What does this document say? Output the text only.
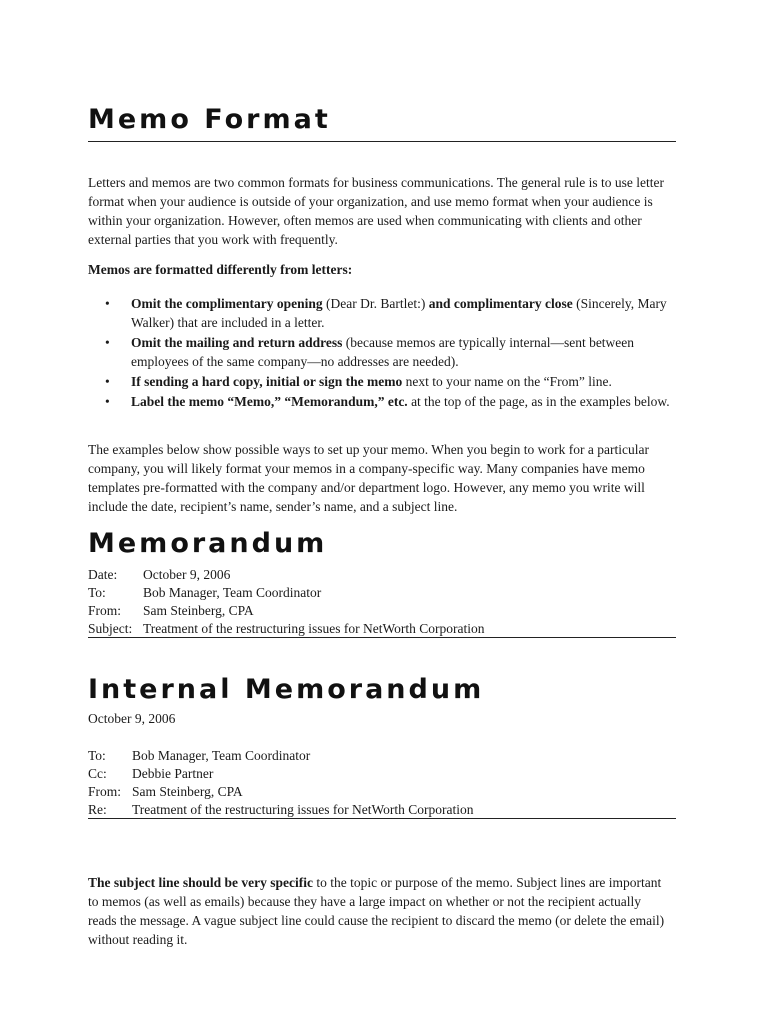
Memo Format

Letters and memos are two common formats for business communications. The general rule is to use letter format when your audience is outside of your organization, and use memo format when your audience is within your organization. However, often memos are used when communicating with clients and other external parties that you work with frequently.

Memos are formatted differently from letters:

• Omit the complimentary opening (Dear Dr. Bartlet:) and complimentary close (Sincerely, Mary Walker) that are included in a letter.
• Omit the mailing and return address (because memos are typically internal—sent between employees of the same company—no addresses are needed).
• If sending a hard copy, initial or sign the memo next to your name on the “From” line.
• Label the memo “Memo,” “Memorandum,” etc. at the top of the page, as in the examples below.

The examples below show possible ways to set up your memo. When you begin to work for a particular company, you will likely format your memos in a company-specific way. Many companies have memo templates pre-formatted with the company and/or department logo. However, any memo you write will include the date, recipient’s name, sender’s name, and a subject line.

Memorandum
Date:	October 9, 2006
To:	Bob Manager, Team Coordinator
From:	Sam Steinberg, CPA
Subject: Treatment of the restructuring issues for NetWorth Corporation
Internal Memorandum

October 9, 2006

To:	Bob Manager, Team Coordinator
Cc:	Debbie Partner
From: Sam Steinberg, CPA
Re:	Treatment of the restructuring issues for NetWorth Corporation

The subject line should be very specific to the topic or purpose of the memo. Subject lines are important to memos (as well as emails) because they have a large impact on whether or not the recipient actually reads the message. A vague subject line could cause the recipient to discard the memo (or delete the email) without reading it.
